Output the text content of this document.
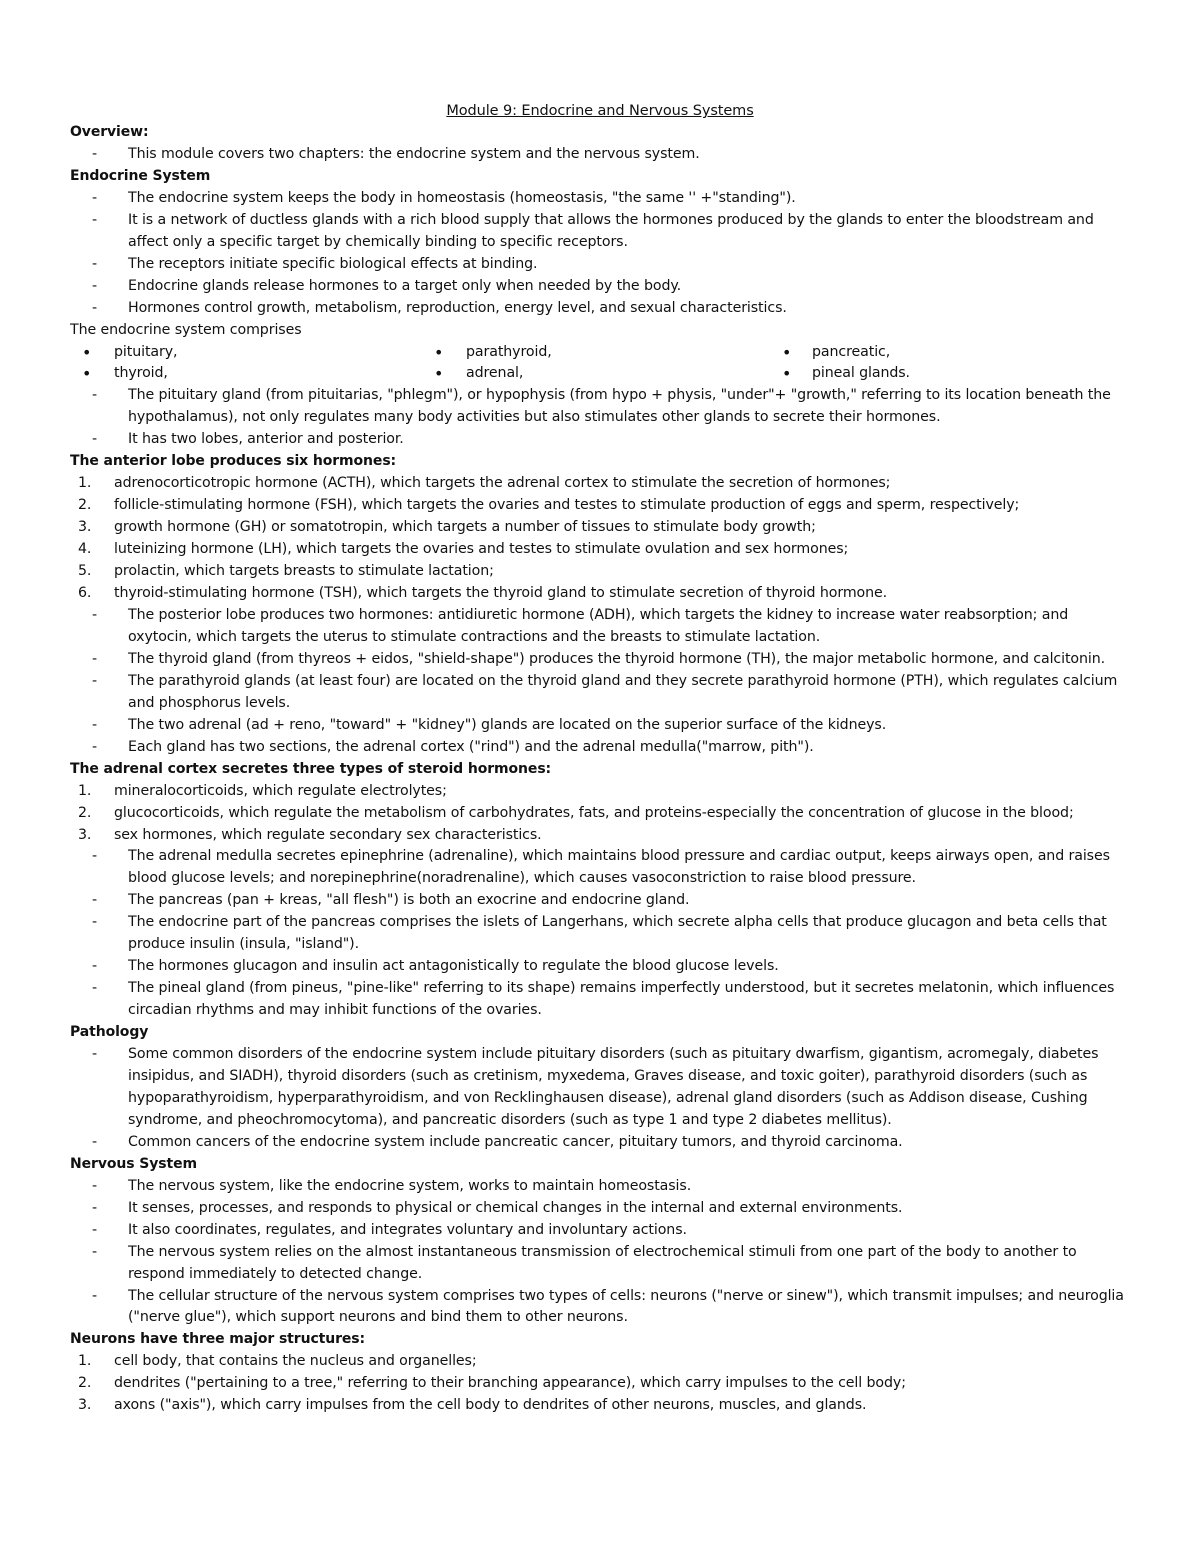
Module 9: Endocrine and Nervous Systems

Overview:

- This module covers two chapters: the endocrine system and the nervous system.

Endocrine System

- The endocrine system keeps the body in homeostasis (homeostasis, "the same '' +"standing").

- It is a network of ductless glands with a rich blood supply that allows the hormones produced by the glands to enter the bloodstream and affect only a specific target by chemically binding to specific receptors.

- The receptors initiate specific biological effects at binding.

- Endocrine glands release hormones to a target only when needed by the body.

- Hormones control growth, metabolism, reproduction, energy level, and sexual characteristics.

The endocrine system comprises

• pituitary,

• thyroid,

• parathyroid,

• adrenal,

• pancreatic,

• pineal glands.

- The pituitary gland (from pituitarias, "phlegm"), or hypophysis (from hypo + physis, "under"+ "growth," referring to its location beneath the hypothalamus), not only regulates many body activities but also stimulates other glands to secrete their hormones.

- It has two lobes, anterior and posterior.

The anterior lobe produces six hormones:

1. adrenocorticotropic hormone (ACTH), which targets the adrenal cortex to stimulate the secretion of hormones;

2. follicle-stimulating hormone (FSH), which targets the ovaries and testes to stimulate production of eggs and sperm, respectively;

3. growth hormone (GH) or somatotropin, which targets a number of tissues to stimulate body growth;

4. luteinizing hormone (LH), which targets the ovaries and testes to stimulate ovulation and sex hormones;

5. prolactin, which targets breasts to stimulate lactation;

6. thyroid-stimulating hormone (TSH), which targets the thyroid gland to stimulate secretion of thyroid hormone.

- The posterior lobe produces two hormones: antidiuretic hormone (ADH), which targets the kidney to increase water reabsorption; and oxytocin, which targets the uterus to stimulate contractions and the breasts to stimulate lactation.

- The thyroid gland (from thyreos + eidos, "shield-shape") produces the thyroid hormone (TH), the major metabolic hormone, and calcitonin.

- The parathyroid glands (at least four) are located on the thyroid gland and they secrete parathyroid hormone (PTH), which regulates calcium and phosphorus levels.

- The two adrenal (ad + reno, "toward" + "kidney") glands are located on the superior surface of the kidneys.

- Each gland has two sections, the adrenal cortex ("rind") and the adrenal medulla("marrow, pith").

The adrenal cortex secretes three types of steroid hormones:

1. mineralocorticoids, which regulate electrolytes;

2. glucocorticoids, which regulate the metabolism of carbohydrates, fats, and proteins-especially the concentration of glucose in the blood;

3. sex hormones, which regulate secondary sex characteristics.

- The adrenal medulla secretes epinephrine (adrenaline), which maintains blood pressure and cardiac output, keeps airways open, and raises blood glucose levels; and norepinephrine(noradrenaline), which causes vasoconstriction to raise blood pressure.

- The pancreas (pan + kreas, "all flesh") is both an exocrine and endocrine gland.

- The endocrine part of the pancreas comprises the islets of Langerhans, which secrete alpha cells that produce glucagon and beta cells that produce insulin (insula, "island").

- The hormones glucagon and insulin act antagonistically to regulate the blood glucose levels.

- The pineal gland (from pineus, "pine-like" referring to its shape) remains imperfectly understood, but it secretes melatonin, which influences circadian rhythms and may inhibit functions of the ovaries.

Pathology

- Some common disorders of the endocrine system include pituitary disorders (such as pituitary dwarfism, gigantism, acromegaly, diabetes insipidus, and SIADH), thyroid disorders (such as cretinism, myxedema, Graves disease, and toxic goiter), parathyroid disorders (such as hypoparathyroidism, hyperparathyroidism, and von Recklinghausen disease), adrenal gland disorders (such as Addison disease, Cushing syndrome, and pheochromocytoma), and pancreatic disorders (such as type 1 and type 2 diabetes mellitus).

- Common cancers of the endocrine system include pancreatic cancer, pituitary tumors, and thyroid carcinoma.

Nervous System

- The nervous system, like the endocrine system, works to maintain homeostasis.

- It senses, processes, and responds to physical or chemical changes in the internal and external environments.

- It also coordinates, regulates, and integrates voluntary and involuntary actions.

- The nervous system relies on the almost instantaneous transmission of electrochemical stimuli from one part of the body to another to respond immediately to detected change.

- The cellular structure of the nervous system comprises two types of cells: neurons ("nerve or sinew"), which transmit impulses; and neuroglia ("nerve glue"), which support neurons and bind them to other neurons.

Neurons have three major structures:

1. cell body, that contains the nucleus and organelles;

2. dendrites ("pertaining to a tree," referring to their branching appearance), which carry impulses to the cell body;

3. axons ("axis"), which carry impulses from the cell body to dendrites of other neurons, muscles, and glands.
